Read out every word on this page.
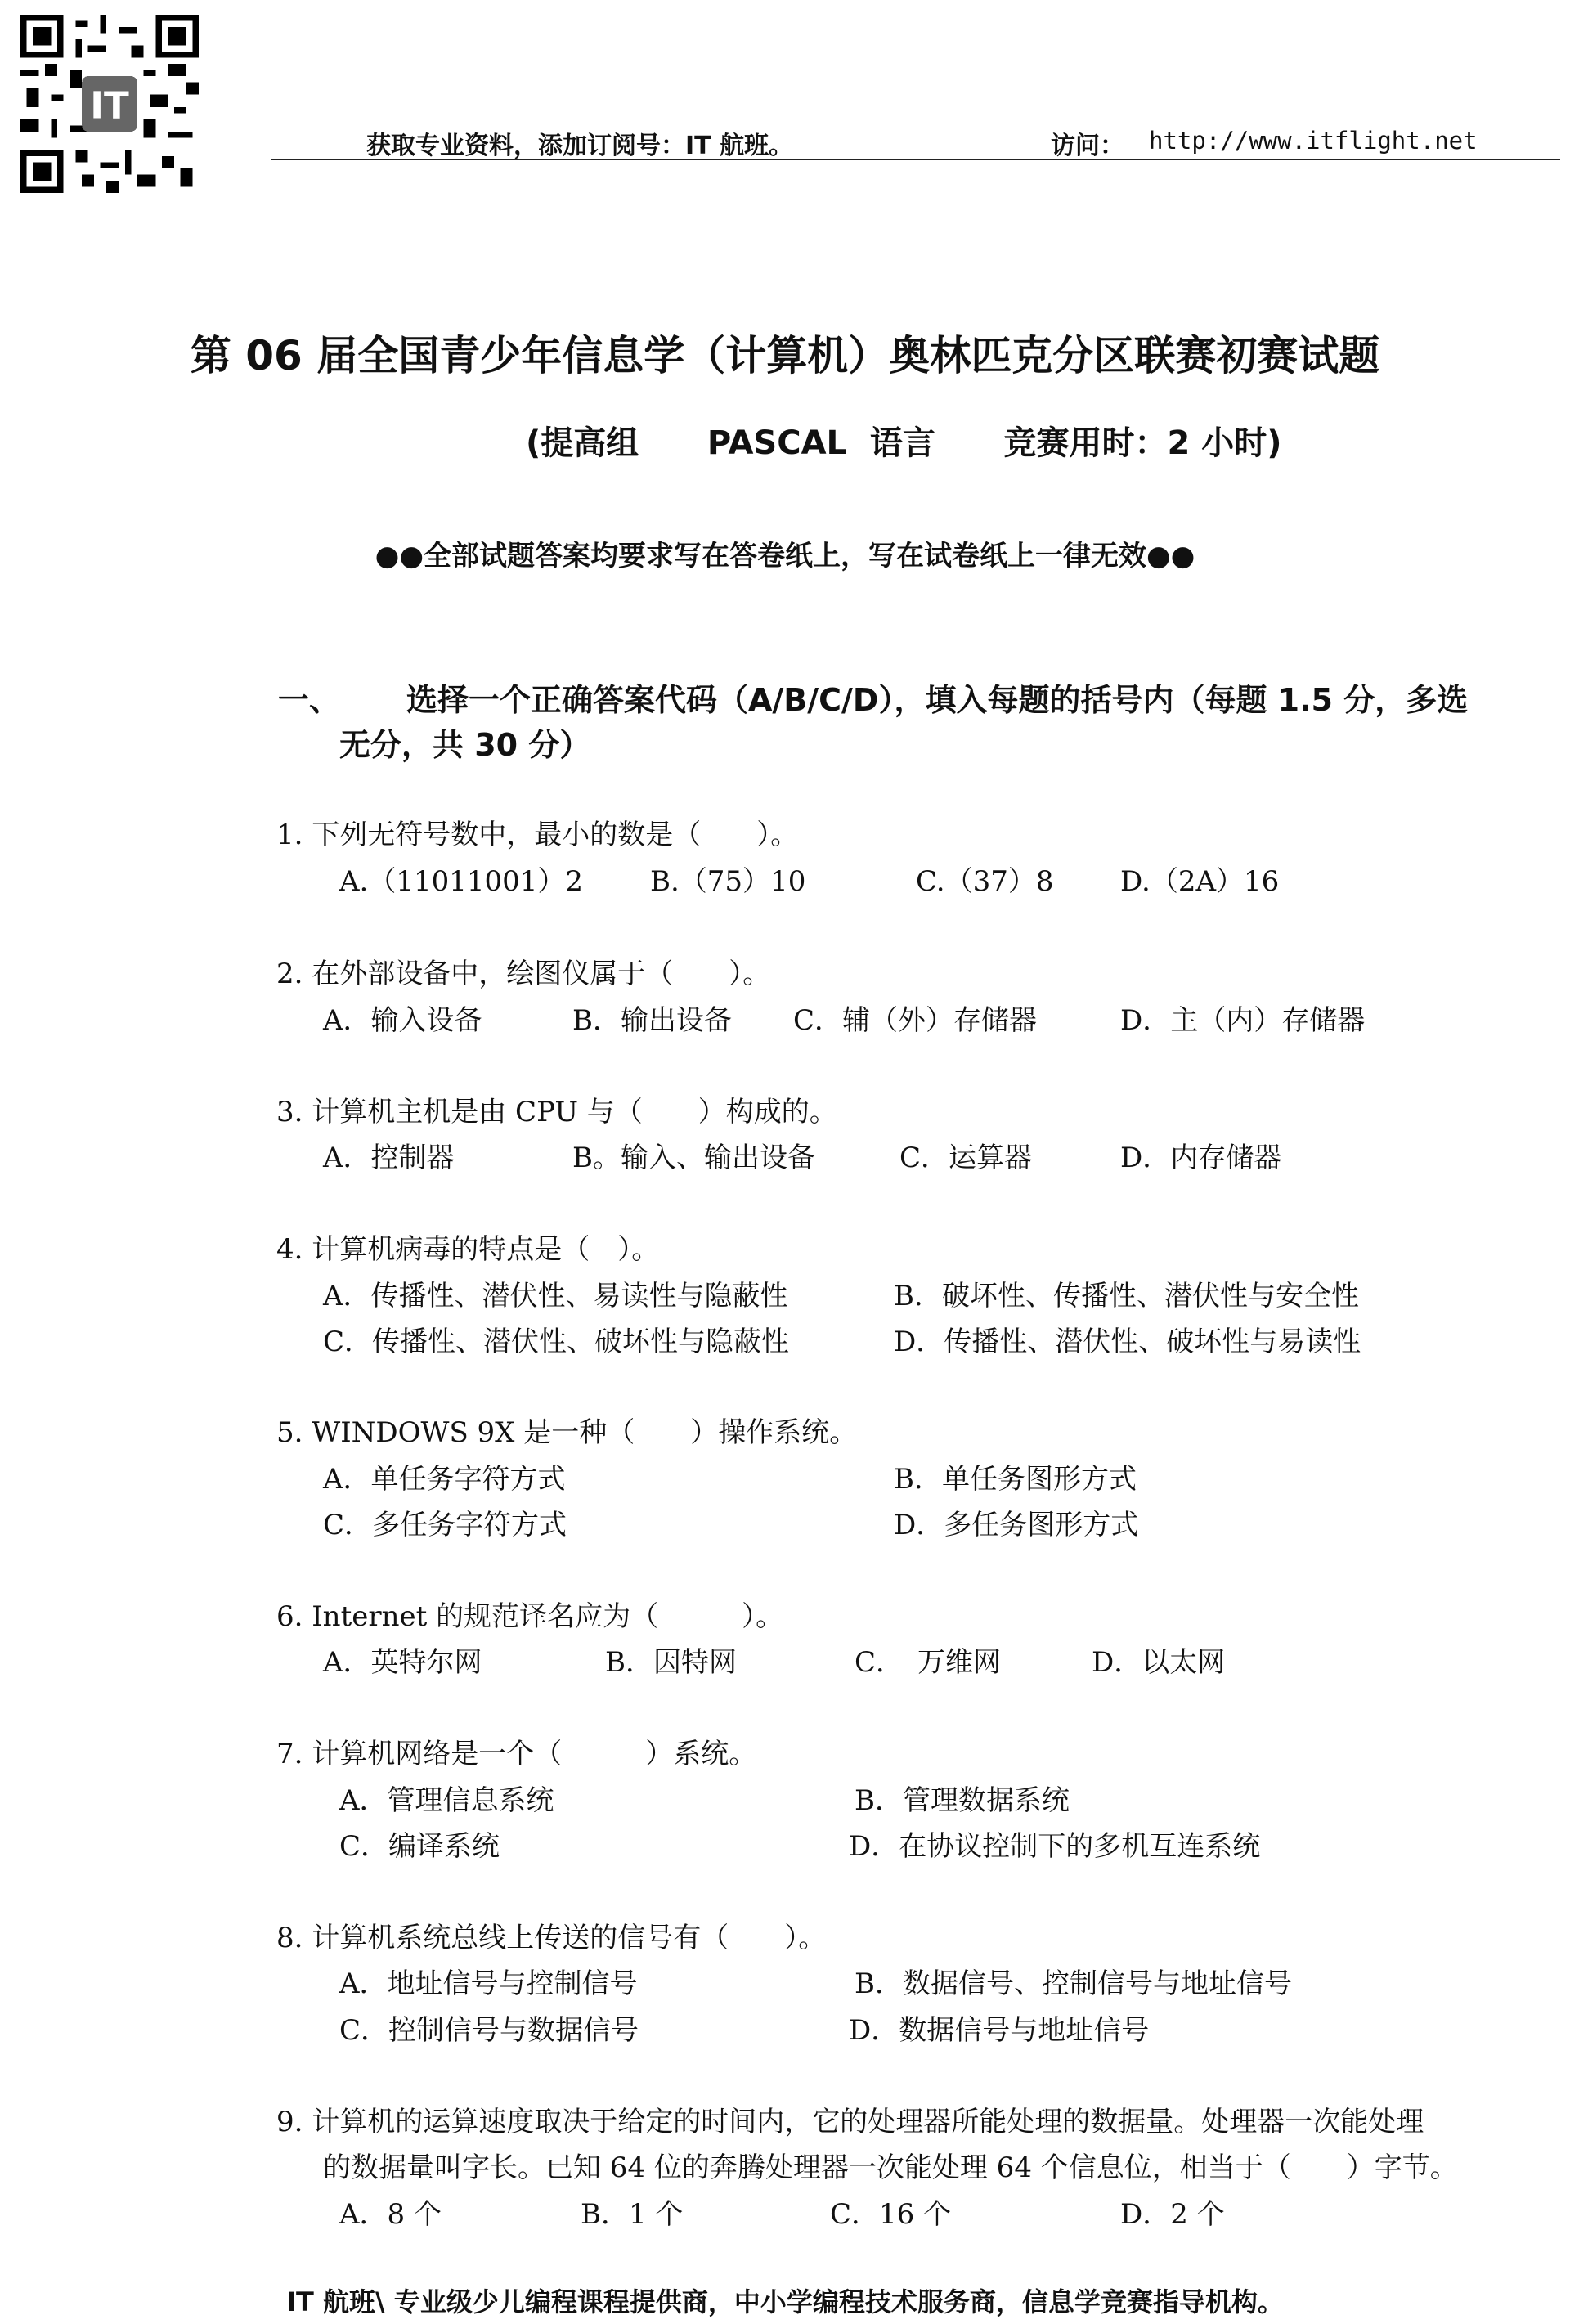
IT
获取专业资料，添加订阅号：IT 航班。	访问： http://www.itflight.net
第 06 届全国青少年信息学（计算机）奥林匹克分区联赛初赛试题
(提高组      PASCAL  语言      竞赛用时：2 小时)
●●全部试题答案均要求写在答卷纸上，写在试卷纸上一律无效●●
一、 选择一个正确答案代码（A/B/C/D），填入每题的括号内（每题 1.5 分，多选
无分，共 30 分）
1. 下列无符号数中，最小的数是（　　）。
A.（11011001）2 B.（75）10	C.（37）8 D.（2A）16
2. 在外部设备中，绘图仪属于（　　）。
A．输入设备	B．输出设备 C．辅（外）存储器	D．主（内）存储器
3. 计算机主机是由 CPU 与（　　）构成的。
A．控制器	B。输入、输出设备	C．运算器	D．内存储器
4. 计算机病毒的特点是（　）。
A．传播性、潜伏性、易读性与隐蔽性	B．破坏性、传播性、潜伏性与安全性
C．传播性、潜伏性、破坏性与隐蔽性	D．传播性、潜伏性、破坏性与易读性
5. WINDOWS 9X 是一种（　　）操作系统。
A．单任务字符方式	B．单任务图形方式
C．多任务字符方式	D．多任务图形方式
6. Internet 的规范译名应为（　　　）。
A．英特尔网	B．因特网	C．　万维网	D．以太网
7. 计算机网络是一个（　　　）系统。
A．管理信息系统	B．管理数据系统
C．编译系统	D．在协议控制下的多机互连系统
8. 计算机系统总线上传送的信号有（　　）。
A．地址信号与控制信号	B．数据信号、控制信号与地址信号
C．控制信号与数据信号	D．数据信号与地址信号
9. 计算机的运算速度取决于给定的时间内，它的处理器所能处理的数据量。处理器一次能处理
的数据量叫字长。已知 64 位的奔腾处理器一次能处理 64 个信息位，相当于（　　）字节。
A．8 个	B．1 个	C．16 个	D．2 个
IT 航班\ 专业级少儿编程课程提供商，中小学编程技术服务商，信息学竞赛指导机构。
